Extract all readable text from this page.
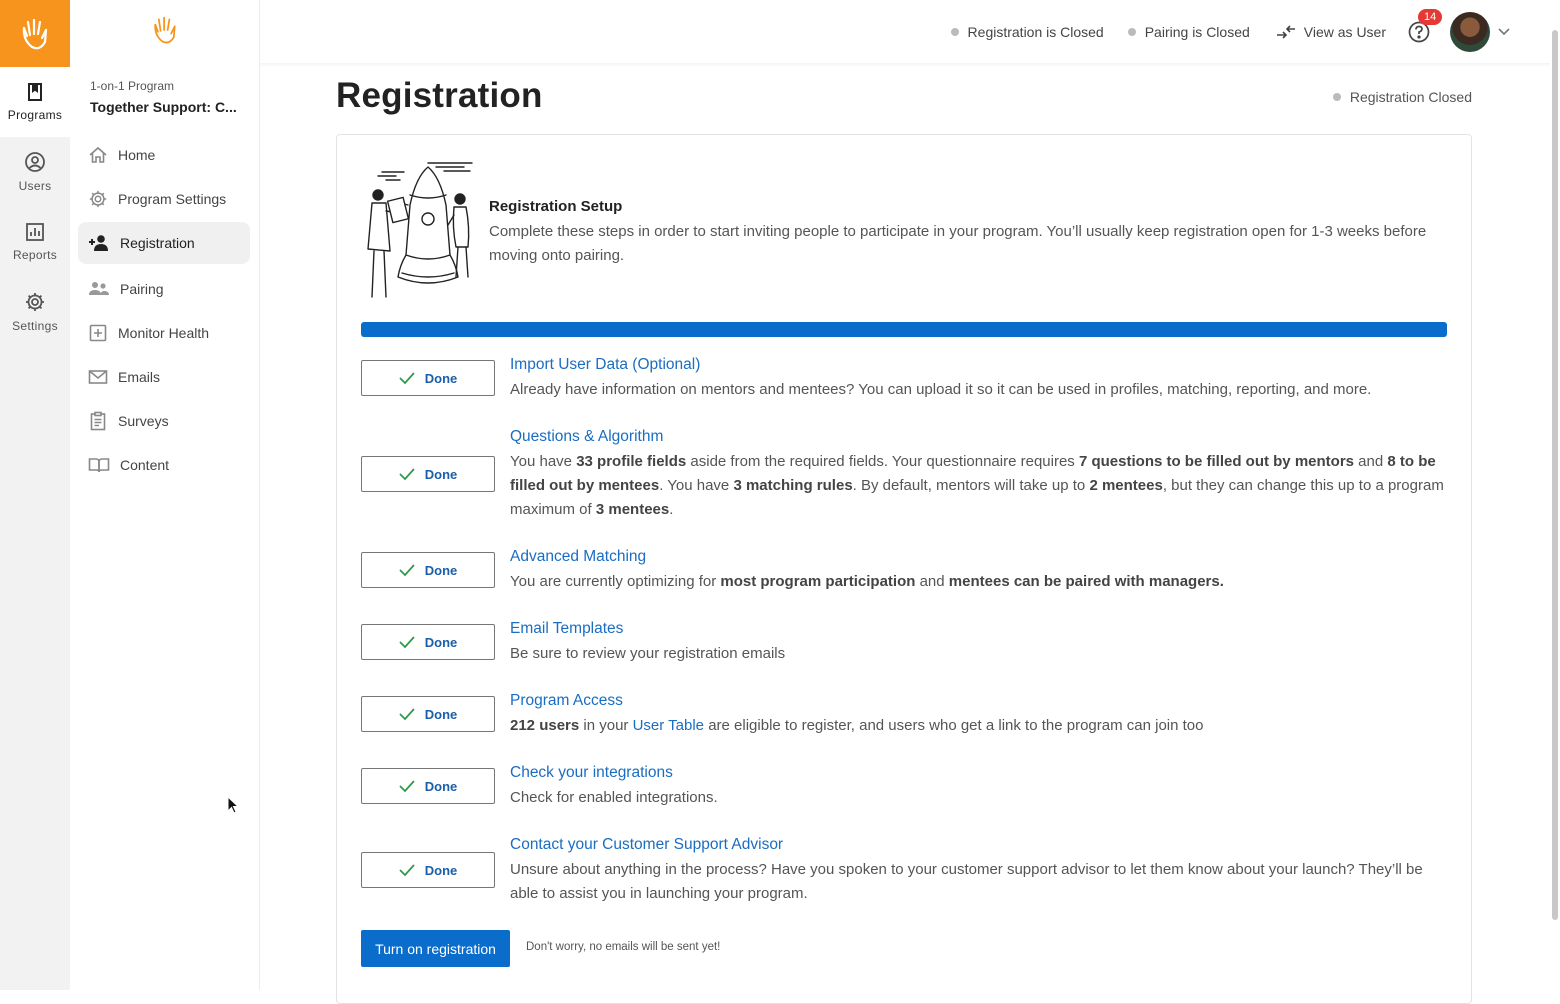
Programs
Users
Reports
Settings
1-on-1 Program
Together Support: C...
Home
Program Settings
Registration
Pairing
Monitor Health
Emails
Surveys
Content
Registration is Closed	Pairing is Closed	View as User
14
Registration	Registration Closed
Registration Setup
Complete these steps in order to start inviting people to participate in your program. You’ll usually keep registration open for 1-3 weeks before moving onto pairing.
Done
Import User Data (Optional)
Already have information on mentors and mentees? You can upload it so it can be used in profiles, matching, reporting, and more.
Done
Questions & Algorithm
You have 33 profile fields aside from the required fields. Your questionnaire requires 7 questions to be filled out by mentors and 8 to be filled out by mentees. You have 3 matching rules. By default, mentors will take up to 2 mentees, but they can change this up to a program maximum of 3 mentees.
Done
Advanced Matching
You are currently optimizing for most program participation and mentees can be paired with managers.
Done
Email Templates
Be sure to review your registration emails
Done
Program Access
212 users in your User Table are eligible to register, and users who get a link to the program can join too
Done
Check your integrations
Check for enabled integrations.
Done
Contact your Customer Support Advisor
Unsure about anything in the process? Have you spoken to your customer support advisor to let them know about your launch? They’ll be able to assist you in launching your program.
Turn on registration	Don't worry, no emails will be sent yet!
